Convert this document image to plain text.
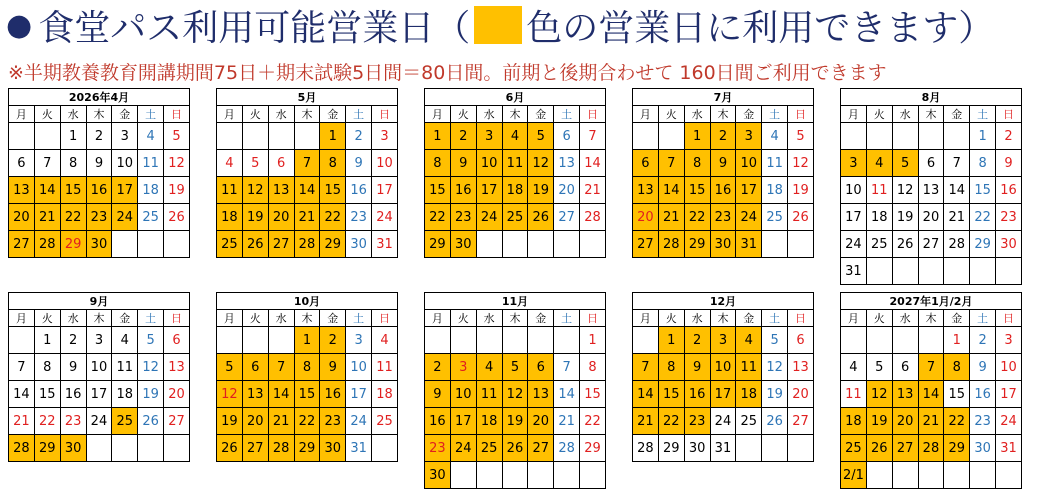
● 食堂パス利用可能営業日（ 色の営業日に利用できます）
※半期教養教育開講期間75日＋期末試験5日間＝80日間。前期と後期合わせて 160日間ご利用できます
2026年4月						
月	火	水	木	金	土	日
		1	2	3	4	5
6	7	8	9	10	11	12
13	14	15	16	17	18	19
20	21	22	23	24	25	26
27	28	29	30			
5月						
月	火	水	木	金	土	日
				1	2	3
4	5	6	7	8	9	10
11	12	13	14	15	16	17
18	19	20	21	22	23	24
25	26	27	28	29	30	31
6月						
月	火	水	木	金	土	日
1	2	3	4	5	6	7
8	9	10	11	12	13	14
15	16	17	18	19	20	21
22	23	24	25	26	27	28
29	30					
7月						
月	火	水	木	金	土	日
		1	2	3	4	5
6	7	8	9	10	11	12
13	14	15	16	17	18	19
20	21	22	23	24	25	26
27	28	29	30	31		
8月						
月	火	水	木	金	土	日
					1	2
3	4	5	6	7	8	9
10	11	12	13	14	15	16
17	18	19	20	21	22	23
24	25	26	27	28	29	30
31						
9月						
月	火	水	木	金	土	日
	1	2	3	4	5	6
7	8	9	10	11	12	13
14	15	16	17	18	19	20
21	22	23	24	25	26	27
28	29	30				
10月						
月	火	水	木	金	土	日
			1	2	3	4
5	6	7	8	9	10	11
12	13	14	15	16	17	18
19	20	21	22	23	24	25
26	27	28	29	30	31	
11月						
月	火	水	木	金	土	日
						1
2	3	4	5	6	7	8
9	10	11	12	13	14	15
16	17	18	19	20	21	22
23	24	25	26	27	28	29
30						
12月						
月	火	水	木	金	土	日
	1	2	3	4	5	6
7	8	9	10	11	12	13
14	15	16	17	18	19	20
21	22	23	24	25	26	27
28	29	30	31			
2027年1月/2月						
月	火	水	木	金	土	日
				1	2	3
4	5	6	7	8	9	10
11	12	13	14	15	16	17
18	19	20	21	22	23	24
25	26	27	28	29	30	31
2/1						
